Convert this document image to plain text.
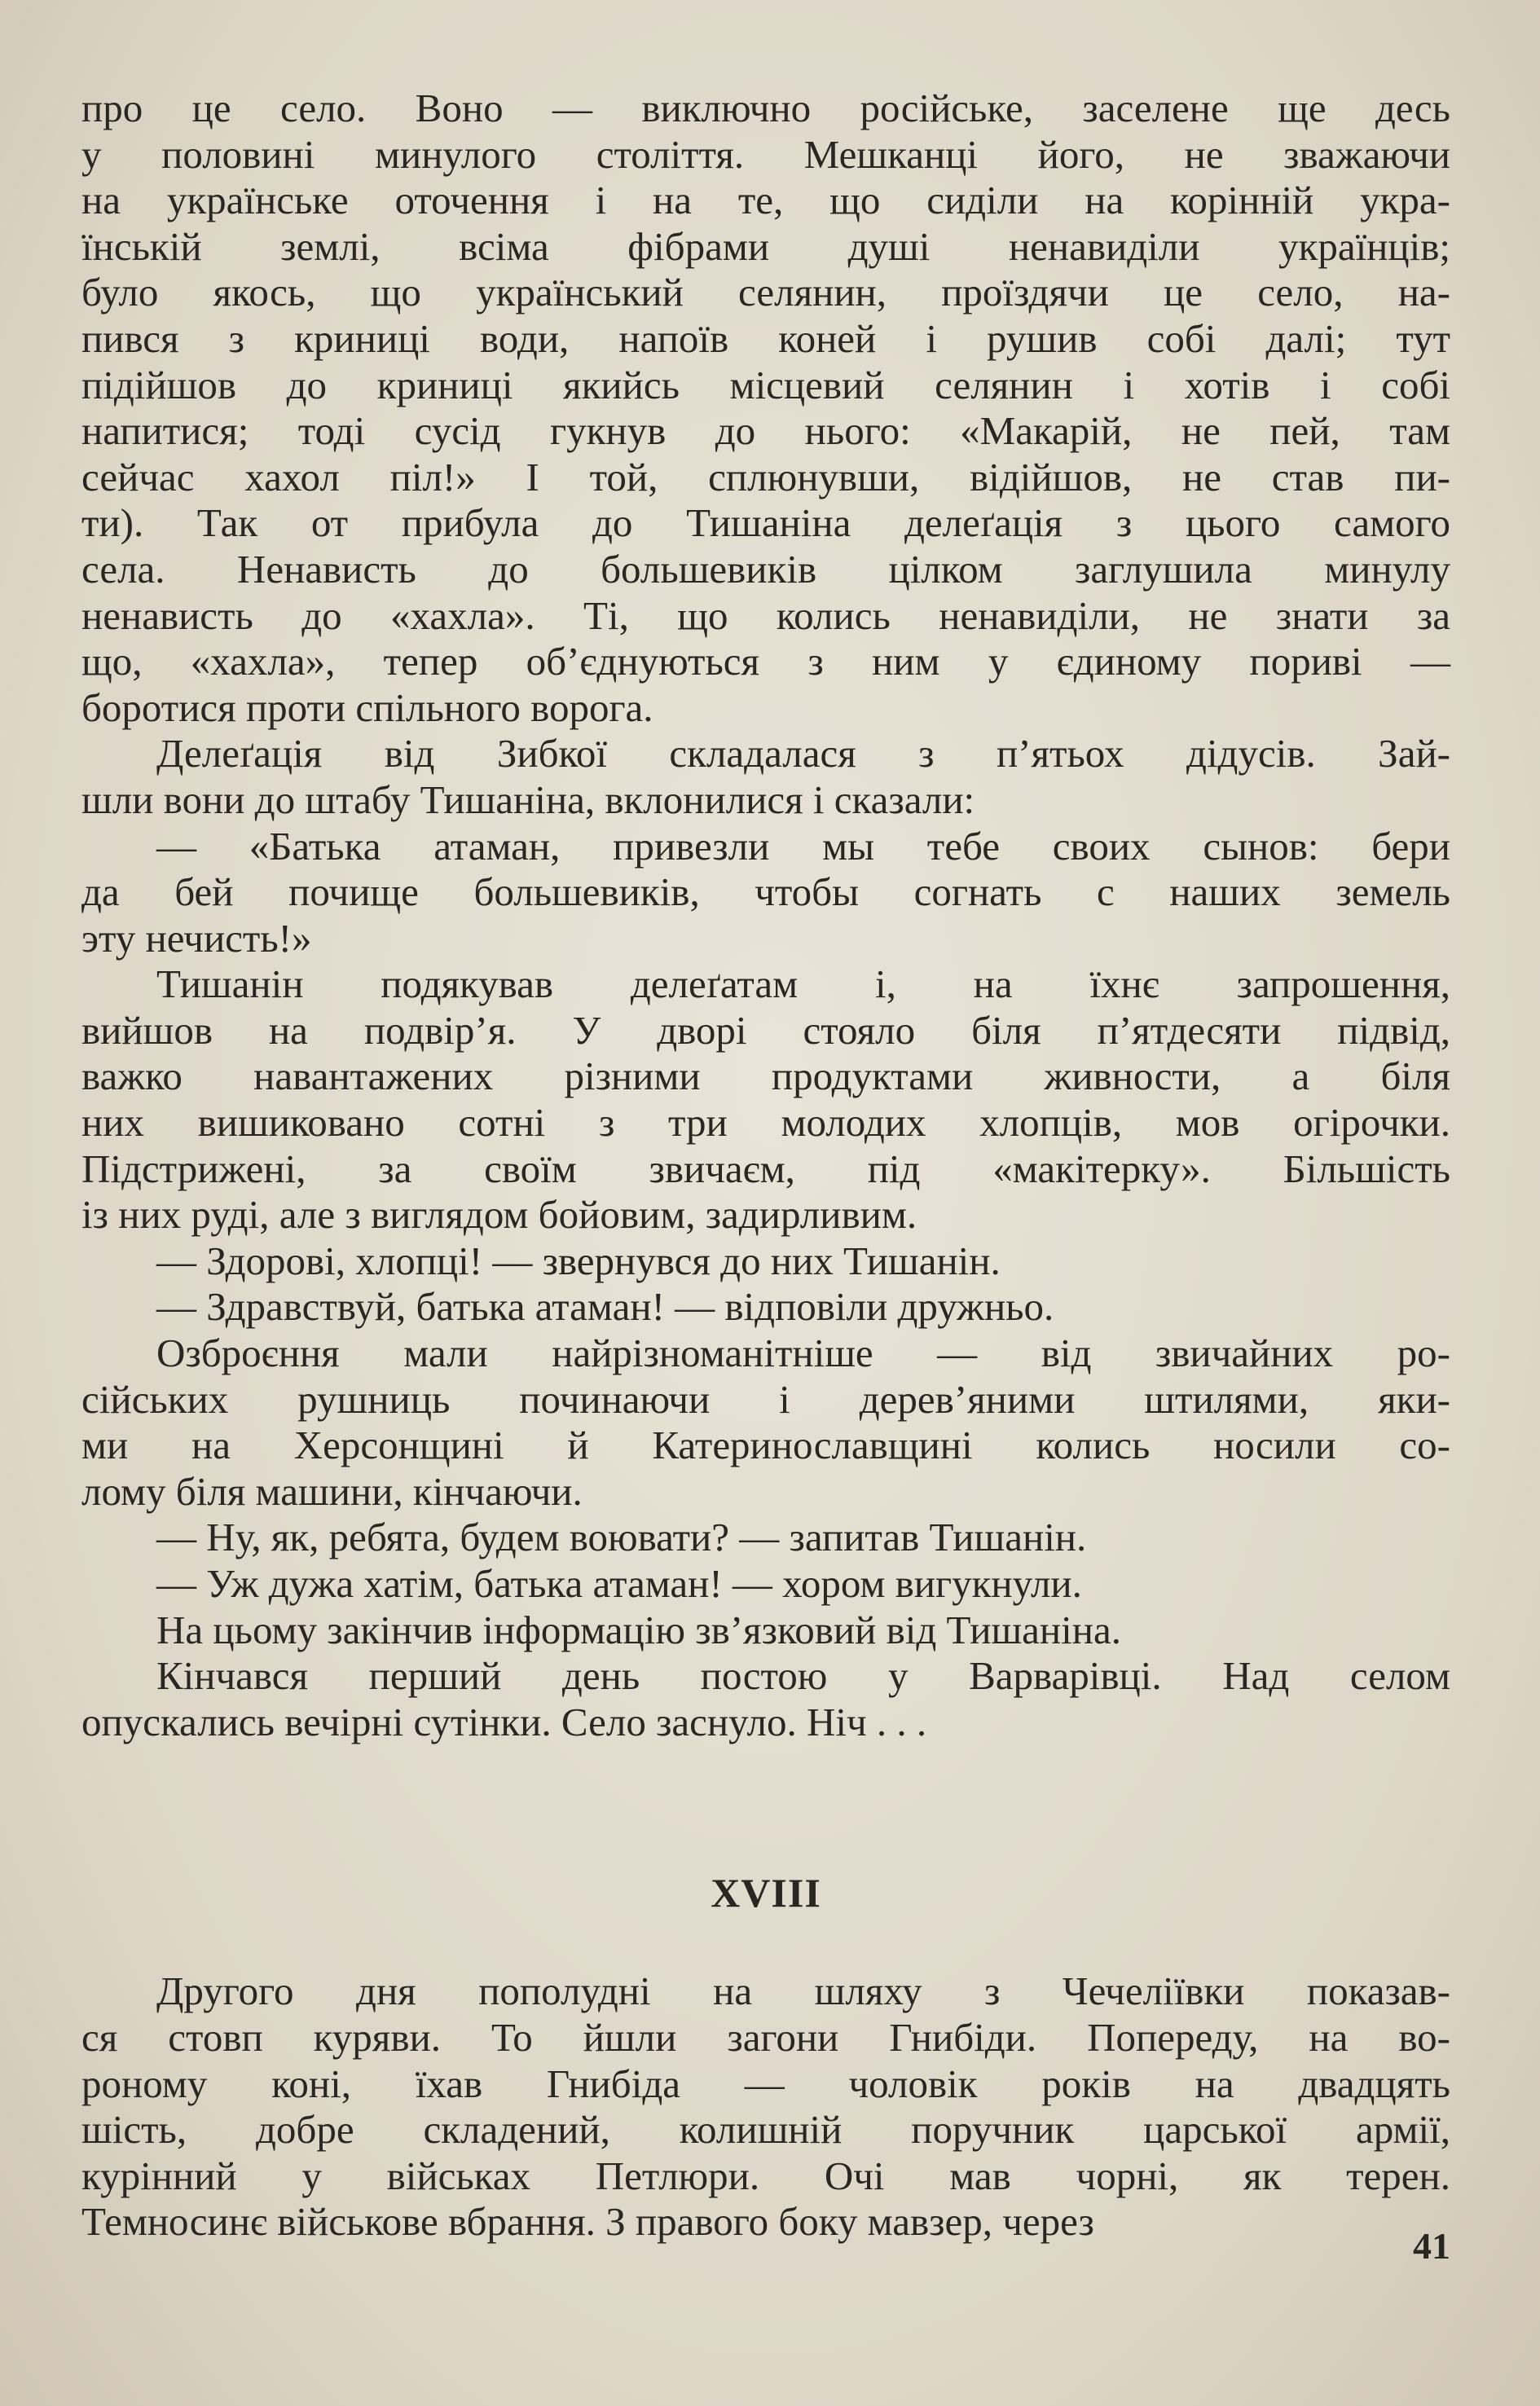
про це село. Воно — виключно російське, заселене ще десь
у половині минулого століття. Мешканці його, не зважаючи
на українське оточення і на те, що сиділи на корінній укра-
їнській землі, всіма фібрами душі ненавиділи українців;
було якось, що український селянин, проїздячи це село, на-
пився з криниці води, напоїв коней і рушив собі далі; тут
підійшов до криниці якийсь місцевий селянин і хотів і собі
напитися; тоді сусід гукнув до нього: «Макарій, не пей, там
сейчас хахол піл!» І той, сплюнувши, відійшов, не став пи-
ти). Так от прибула до Тишаніна делеґація з цього самого
села. Ненависть до большевиків цілком заглушила минулу
ненависть до «хахла». Ті, що колись ненавиділи, не знати за
що, «хахла», тепер об’єднуються з ним у єдиному пориві —
боротися проти спільного ворога.

Делеґація від Зибкої складалася з п’ятьох дідусів. Зай-
шли вони до штабу Тишаніна, вклонилися і сказали:

— «Батька атаман, привезли мы тебе своих сынов: бери
да бей почище большевиків, чтобы согнать с наших земель
эту нечисть!»

Тишанін подякував делеґатам і, на їхнє запрошення,
вийшов на подвір’я. У дворі стояло біля п’ятдесяти підвід,
важко навантажених різними продуктами живности, а біля
них вишиковано сотні з три молодих хлопців, мов огірочки.
Підстрижені, за своїм звичаєм, під «макітерку». Більшість
із них руді, але з виглядом бойовим, задирливим.

— Здорові, хлопці! — звернувся до них Тишанін.

— Здравствуй, батька атаман! — відповіли дружньо.

Озброєння мали найрізноманітніше — від звичайних ро-
сійських рушниць починаючи і дерев’яними штилями, яки-
ми на Херсонщині й Катеринославщині колись носили со-
лому біля машини, кінчаючи.

— Ну, як, ребята, будем воювати? — запитав Тишанін.

— Уж дужа хатім, батька атаман! — хором вигукнули.

На цьому закінчив інформацію зв’язковий від Тишаніна.

Кінчався перший день постою у Варварівці. Над селом
опускались вечірні сутінки. Село заснуло. Ніч . . .

XVIII

Другого дня пополудні на шляху з Чечеліївки показав-
ся стовп куряви. То йшли загони Гнибіди. Попереду, на во-
роному коні, їхав Гнибіда — чоловік років на двадцять
шість, добре складений, колишній поручник царської армії,
курінний у військах Петлюри. Очі мав чорні, як терен.
Темносинє військове вбрання. З правого боку мавзер, через

41
